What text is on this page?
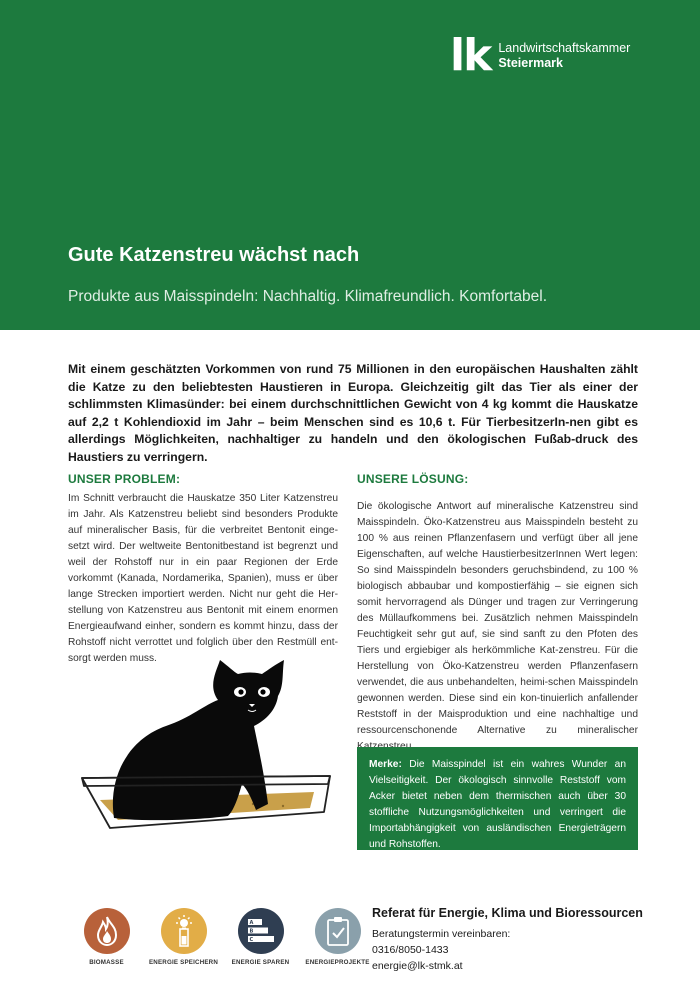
lk Landwirtschaftskammer
Steiermark
Gute Katzenstreu wächst nach
Produkte aus Maisspindeln: Nachhaltig. Klimafreundlich. Komfortabel.
Mit einem geschätzten Vorkommen von rund 75 Millionen in den europäischen Haushalten zählt die Katze zu den beliebtesten Haustieren in Europa. Gleichzeitig gilt das Tier als einer der schlimmsten Klimasünder: bei einem durchschnittlichen Gewicht von 4 kg kommt die Hauskatze auf 2,2 t Kohlendioxid im Jahr – beim Menschen sind es 10,6 t. Für TierbesitzerIn-nen gibt es allerdings Möglichkeiten, nachhaltiger zu handeln und den ökologischen Fußab-druck des Haustiers zu verringern.
UNSER PROBLEM:
Im Schnitt verbraucht die Hauskatze 350 Liter Katzenstreu im Jahr. Als Katzenstreu beliebt sind besonders Produkte auf mineralischer Basis, für die verbreitet Bentonit einge-setzt wird. Der weltweite Bentonitbestand ist begrenzt und weil der Rohstoff nur in ein paar Regionen der Erde vorkommt (Kanada, Nordamerika, Spanien), muss er über lange Strecken importiert werden. Nicht nur geht die Her-stellung von Katzenstreu aus Bentonit mit einem enormen Energieaufwand einher, sondern es kommt hinzu, dass der Rohstoff nicht verrottet und folglich über den Restmüll ent-sorgt werden muss.
UNSERE LÖSUNG:
Die ökologische Antwort auf mineralische Katzenstreu sind Maisspindeln. Öko-Katzenstreu aus Maisspindeln besteht zu 100 % aus reinen Pflanzenfasern und verfügt über all jene Eigenschaften, auf welche HaustierbesitzerInnen Wert legen: So sind Maisspindeln besonders geruchsbindend, zu 100 % biologisch abbaubar und kompostierfähig – sie eignen sich somit hervorragend als Dünger und tragen zur Verringerung des Müllaufkommens bei. Zusätzlich nehmen Maisspindeln Feuchtigkeit sehr gut auf, sie sind sanft zu den Pfoten des Tiers und ergiebiger als herkömmliche Kat-zenstreu. Für die Herstellung von Öko-Katzenstreu werden Pflanzenfasern verwendet, die aus unbehandelten, heimi-schen Maisspindeln gewonnen werden. Diese sind ein kon-tinuierlich anfallender Reststoff in der Maisproduktion und eine nachhaltige und ressourcenschonende Alternative zu mineralischer
Merke: Die Maisspindel ist ein wahres Wunder an Vielseitigkeit. Der ökologisch sinnvolle Reststoff vom Acker bietet neben dem thermischen auch über 30 stoffliche Nutzungsmöglichkeiten und verringert die Importabhängigkeit von ausländischen Energieträgern und Rohstoffen.
BIOMASSE	ENERGIE SPEICHERN
A
B
C
ENERGIE SPAREN	ENERGIEPROJEKTE
Referat für Energie, Klima und Bioressourcen
Beratungstermin vereinbaren:
0316/8050-1433
energie@lk-stmk.at
